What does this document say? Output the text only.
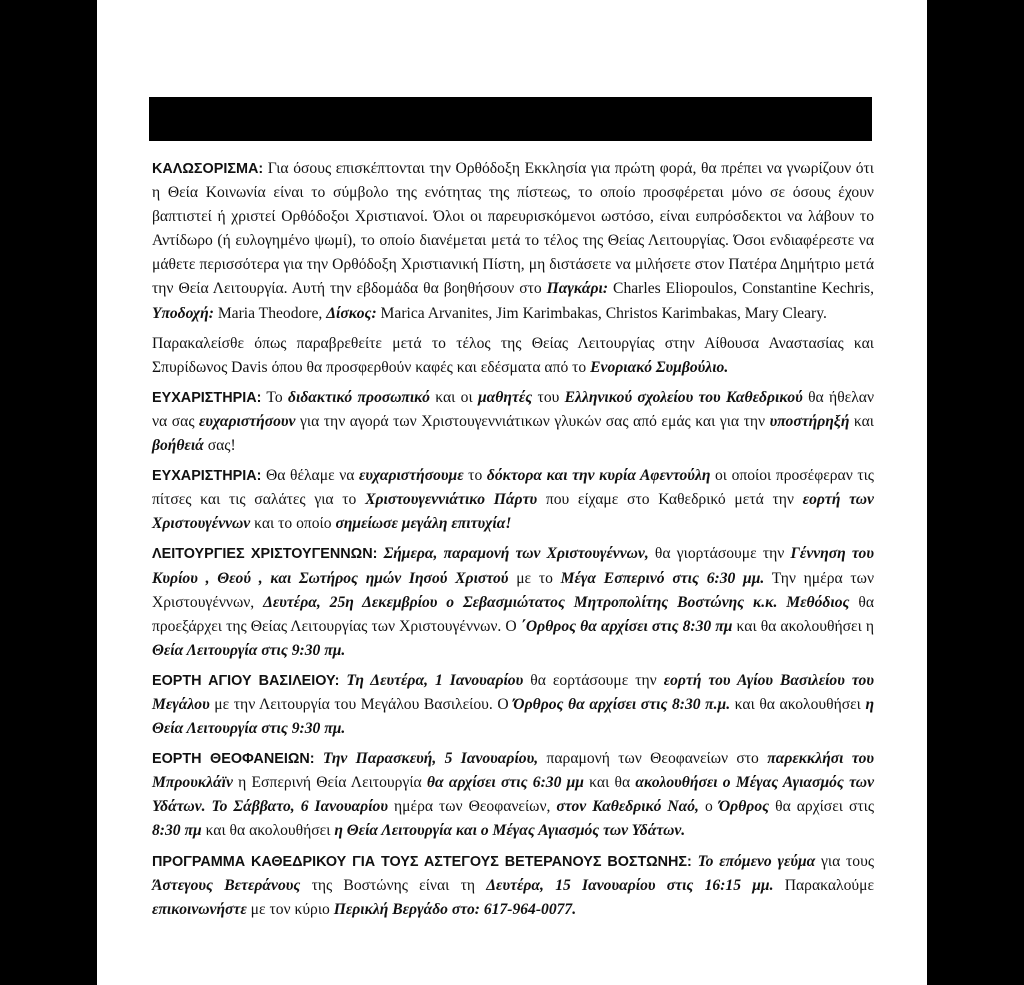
ΚΑΛΩΣΟΡΙΣΜΑ: Για όσους επισκέπτονται την Ορθόδοξη Εκκλησία για πρώτη φορά, θα πρέπει να γνωρίζουν ότι η Θεία Κοινωνία είναι το σύμβολο της ενότητας της πίστεως, το οποίο προσφέρεται μόνο σε όσους έχουν βαπτιστεί ή χριστεί Ορθόδοξοι Χριστιανοί. Όλοι οι παρευρισκόμενοι ωστόσο, είναι ευπρόσδεκτοι να λάβουν το Αντίδωρο (ή ευλογημένο ψωμί), το οποίο διανέμεται μετά το τέλος της Θείας Λειτουργίας. Όσοι ενδιαφέρεστε να μάθετε περισσότερα για την Ορθόδοξη Χριστιανική Πίστη, μη διστάσετε να μιλήσετε στον Πατέρα Δημήτριο μετά την Θεία Λειτουργία. Αυτή την εβδομάδα θα βοηθήσουν στο Παγκάρι: Charles Eliopoulos, Constantine Kechris, Υποδοχή: Maria Theodore, Δίσκος: Marica Arvanites, Jim Karimbakas, Christos Karimbakas, Mary Cleary.

Παρακαλείσθε όπως παραβρεθείτε μετά το τέλος της Θείας Λειτουργίας στην Αίθουσα Αναστασίας και Σπυρίδωνος Davis όπου θα προσφερθούν καφές και εδέσματα από το Ενοριακό Συμβούλιο.

ΕΥΧΑΡΙΣΤΗΡΙΑ: Το διδακτικό προσωπικό και οι μαθητές του Ελληνικού σχολείου του Καθεδρικού θα ήθελαν να σας ευχαριστήσουν για την αγορά των Χριστουγεννιάτικων γλυκών σας από εμάς και για την υποστήρηξή και βοήθειά σας!

ΕΥΧΑΡΙΣΤΗΡΙΑ: Θα θέλαμε να ευχαριστήσουμε το δόκτορα και την κυρία Αφεντούλη οι οποίοι προσέφεραν τις πίτσες και τις σαλάτες για το Χριστουγεννιάτικο Πάρτυ που είχαμε στο Καθεδρικό μετά την εορτή των Χριστουγέννων και το οποίο σημείωσε μεγάλη επιτυχία!

ΛΕΙΤΟΥΡΓΙΕΣ ΧΡΙΣΤΟΥΓΕΝΝΩΝ: Σήμερα, παραμονή των Χριστουγέννων, θα γιορτάσουμε την Γέννηση του Κυρίου , Θεού , και Σωτήρος ημών Ιησού Χριστού με το Μέγα Εσπερινό στις 6:30 μμ. Την ημέρα των Χριστουγέννων, Δευτέρα, 25η Δεκεμβρίου ο Σεβασμιώτατος Μητροπολίτης Βοστώνης κ.κ. Μεθόδιος θα προεξάρχει της Θείας Λειτουργίας των Χριστουγέννων. Ο ΄Ορθρος θα αρχίσει στις 8:30 πμ και θα ακολουθήσει η Θεία Λειτουργία στις 9:30 πμ.

ΕΟΡΤΗ ΑΓΙΟΥ ΒΑΣΙΛΕΙΟΥ: Τη Δευτέρα, 1 Ιανουαρίου θα εορτάσουμε την εορτή του Αγίου Βασιλείου του Μεγάλου με την Λειτουργία του Μεγάλου Βασιλείου. Ο Όρθρος θα αρχίσει στις 8:30 π.μ. και θα ακολουθήσει η Θεία Λειτουργία στις 9:30 πμ.

ΕΟΡΤΗ ΘΕΟΦΑΝΕΙΩΝ: Την Παρασκευή, 5 Ιανουαρίου, παραμονή των Θεοφανείων στο παρεκκλήσι του Μπρουκλάϊν η Εσπερινή Θεία Λειτουργία θα αρχίσει στις 6:30 μμ και θα ακολουθήσει ο Μέγας Αγιασμός των Υδάτων. Το Σάββατο, 6 Ιανουαρίου ημέρα των Θεοφανείων, στον Καθεδρικό Ναό, ο Όρθρος θα αρχίσει στις 8:30 πμ και θα ακολουθήσει η Θεία Λειτουργία και ο Μέγας Αγιασμός των Υδάτων.

ΠΡΟΓΡΑΜΜΑ ΚΑΘΕΔΡΙΚΟΥ ΓΙΑ ΤΟΥΣ ΑΣΤΕΓΟΥΣ ΒΕΤΕΡΑΝΟΥΣ ΒΟΣΤΩΝΗΣ: Το επόμενο γεύμα για τους Άστεγους Βετεράνους της Βοστώνης είναι τη Δευτέρα, 15 Ιανουαρίου στις 16:15 μμ. Παρακαλούμε επικοινωνήστε με τον κύριο Περικλή Βεργάδο στο: 617-964-0077.
